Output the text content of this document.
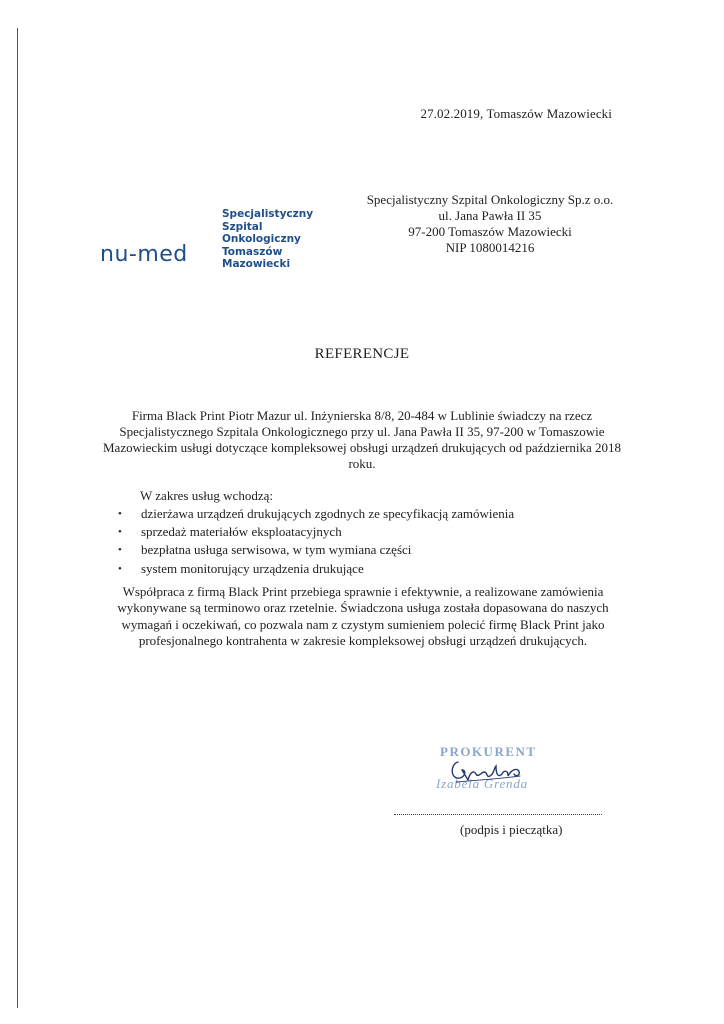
27.02.2019, Tomaszów Mazowiecki
nu-med
Specjalistyczny
Szpital
Onkologiczny
Tomaszów Mazowiecki
Specjalistyczny Szpital Onkologiczny Sp.z o.o.
ul. Jana Pawła II 35
97-200 Tomaszów Mazowiecki
NIP 1080014216
REFERENCJE
Firma Black Print Piotr Mazur ul. Inżynierska 8/8, 20-484 w Lublinie świadczy na rzecz Specjalistycznego Szpitala Onkologicznego przy ul. Jana Pawła II 35, 97-200 w Tomaszowie Mazowieckim usługi dotyczące kompleksowej obsługi urządzeń drukujących od października 2018 roku.
W zakres usług wchodzą:
• dzierżawa urządzeń drukujących zgodnych ze specyfikacją zamówienia
• sprzedaż materiałów eksploatacyjnych
• bezpłatna usługa serwisowa, w tym wymiana części
• system monitorujący urządzenia drukujące
Współpraca z firmą Black Print przebiega sprawnie i efektywnie, a realizowane zamówienia wykonywane są terminowo oraz rzetelnie. Świadczona usługa została dopasowana do naszych wymagań i oczekiwań, co pozwala nam z czystym sumieniem polecić firmę Black Print jako profesjonalnego kontrahenta w zakresie kompleksowej obsługi urządzeń drukujących.
PROKURENT
Izabela Grenda
(podpis i pieczątka)
